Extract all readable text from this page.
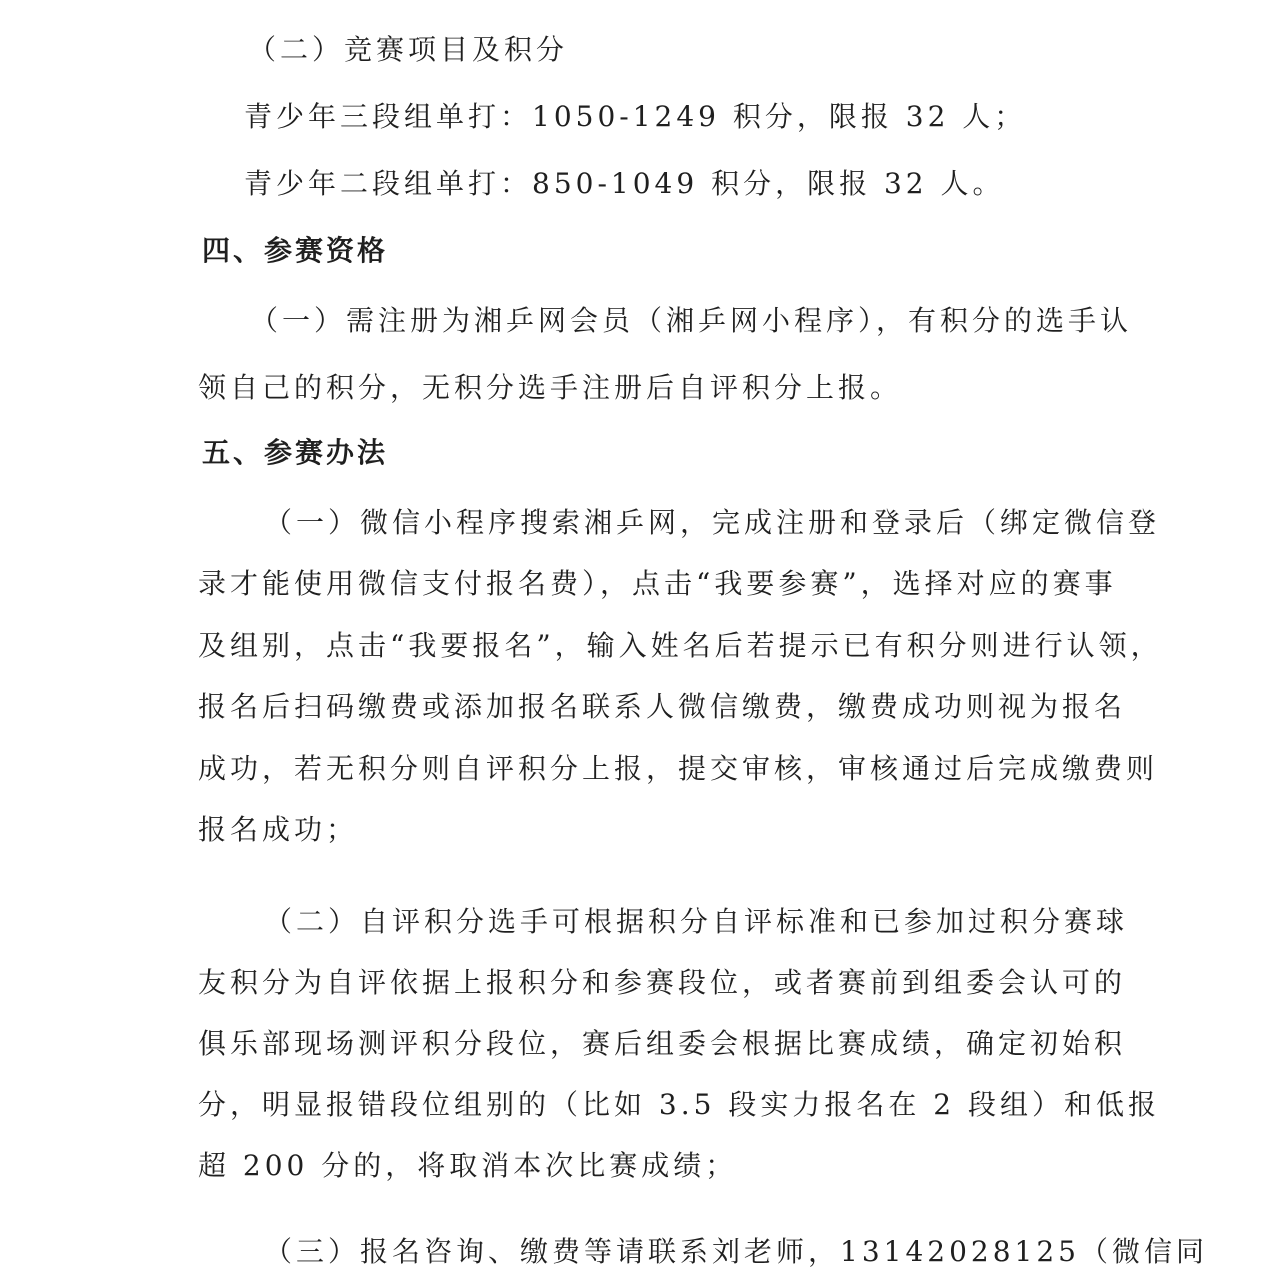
（二）竞赛项目及积分
青少年三段组单打：1050-1249 积分，限报 32 人；
青少年二段组单打：850-1049 积分，限报 32 人。
四、参赛资格
（一）需注册为湘乒网会员（湘乒网小程序），有积分的选手认
领自己的积分，无积分选手注册后自评积分上报。
五、参赛办法
（一）微信小程序搜索湘乒网，完成注册和登录后（绑定微信登
录才能使用微信支付报名费），点击“我要参赛”，选择对应的赛事
及组别，点击“我要报名”，输入姓名后若提示已有积分则进行认领，
报名后扫码缴费或添加报名联系人微信缴费，缴费成功则视为报名
成功，若无积分则自评积分上报，提交审核，审核通过后完成缴费则
报名成功；
（二）自评积分选手可根据积分自评标准和已参加过积分赛球
友积分为自评依据上报积分和参赛段位，或者赛前到组委会认可的
俱乐部现场测评积分段位，赛后组委会根据比赛成绩，确定初始积
分，明显报错段位组别的（比如 3.5 段实力报名在 2 段组）和低报
超 200 分的，将取消本次比赛成绩；
（三）报名咨询、缴费等请联系刘老师，13142028125（微信同
